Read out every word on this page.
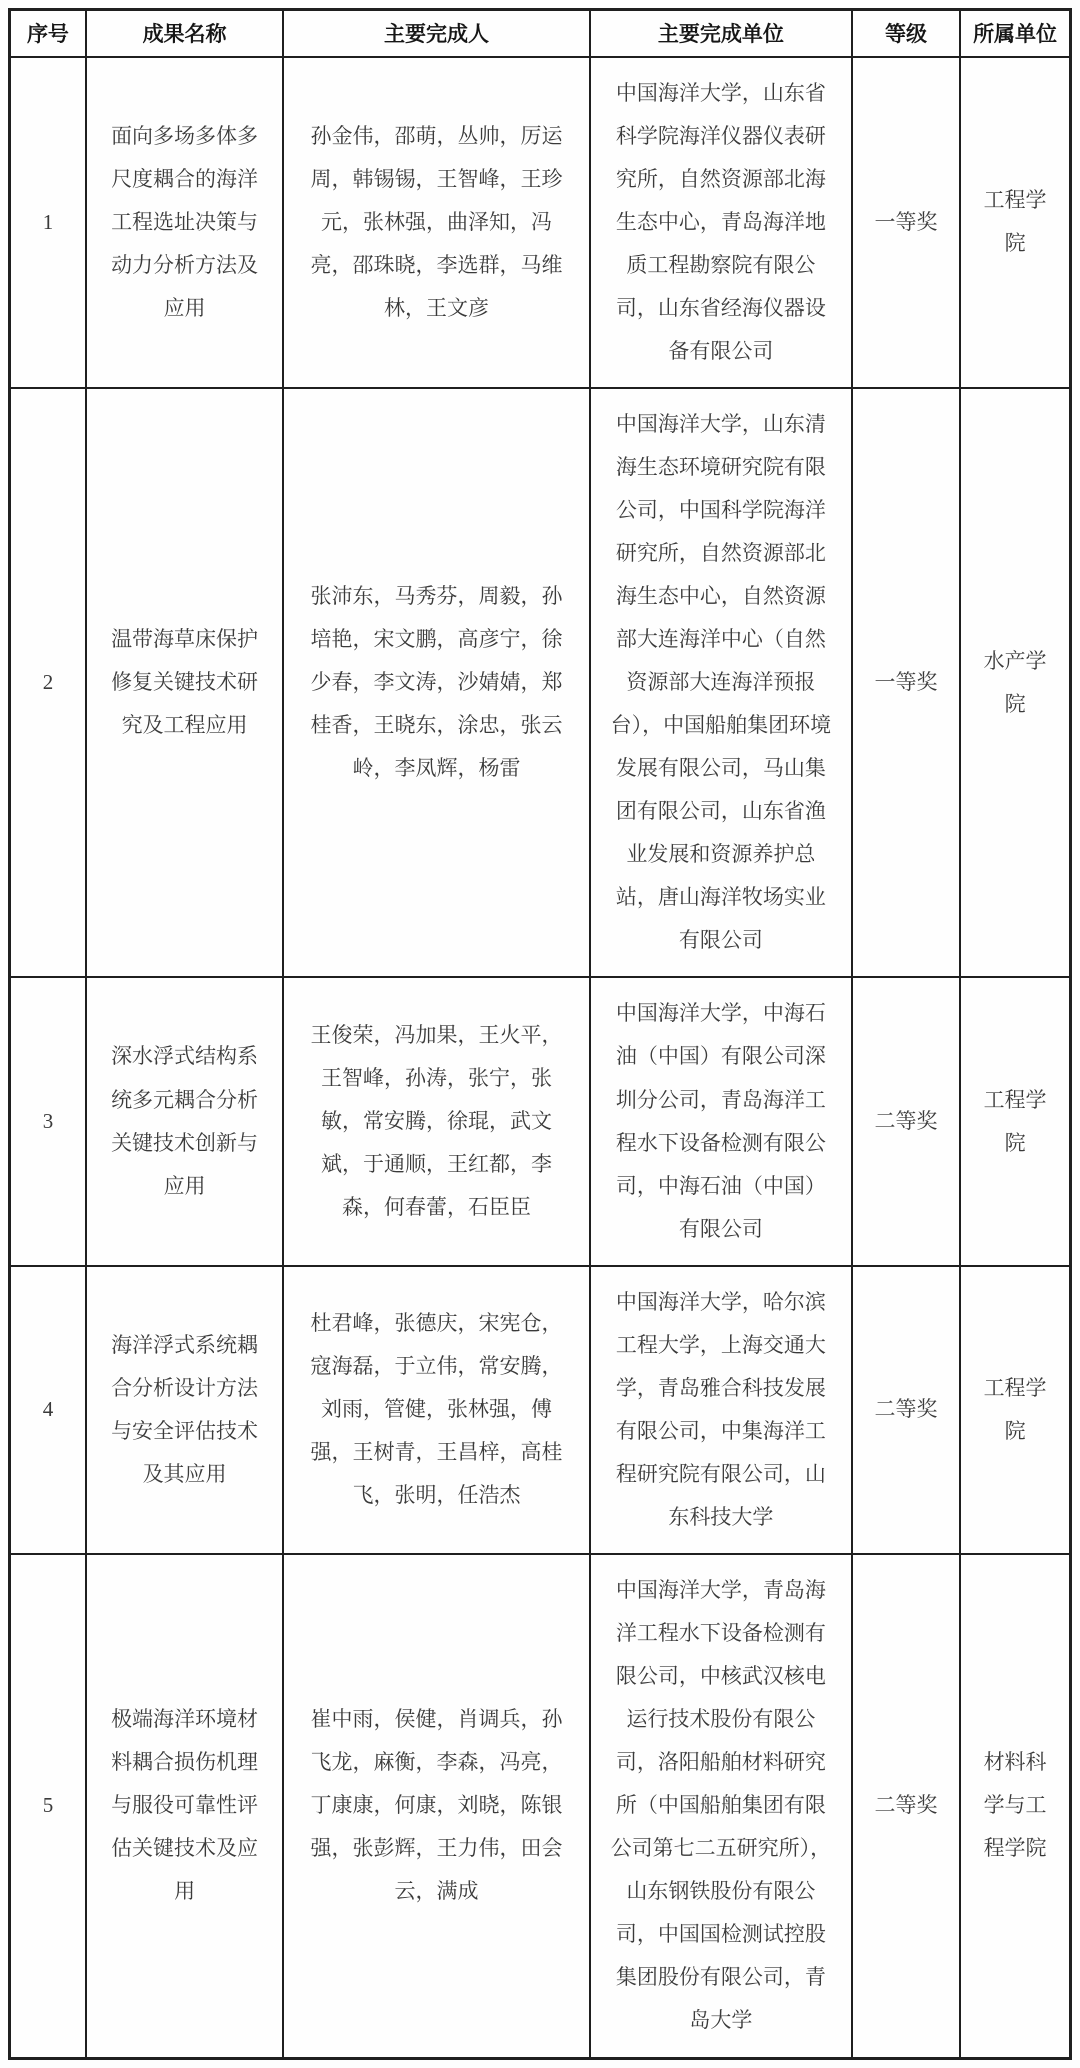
序号	成果名称	主要完成人	主要完成单位	等级	所属单位
1	面向多场多体多尺度耦合的海洋工程选址决策与动力分析方法及应用	孙金伟，邵萌，丛帅，厉运周，韩锡锡，王智峰，王珍元，张林强，曲泽知，冯亮，邵珠晓，李选群，马维林，王文彦	中国海洋大学，山东省科学院海洋仪器仪表研究所，自然资源部北海生态中心，青岛海洋地质工程勘察院有限公司，山东省经海仪器设备有限公司	一等奖	工程学院
2	温带海草床保护修复关键技术研究及工程应用	张沛东，马秀芬，周毅，孙培艳，宋文鹏，高彦宁，徐少春，李文涛，沙婧婧，郑桂香，王晓东，涂忠，张云岭，李凤辉，杨雷	中国海洋大学，山东清海生态环境研究院有限公司，中国科学院海洋研究所，自然资源部北海生态中心，自然资源部大连海洋中心（自然资源部大连海洋预报台），中国船舶集团环境发展有限公司，马山集团有限公司，山东省渔业发展和资源养护总站，唐山海洋牧场实业有限公司	一等奖	水产学院
3	深水浮式结构系统多元耦合分析关键技术创新与应用	王俊荣，冯加果，王火平，王智峰，孙涛，张宁，张敏，常安腾，徐琨，武文斌，于通顺，王红都，李森，何春蕾，石臣臣	中国海洋大学，中海石油（中国）有限公司深圳分公司，青岛海洋工程水下设备检测有限公司，中海石油（中国）有限公司	二等奖	工程学院
4	海洋浮式系统耦合分析设计方法与安全评估技术及其应用	杜君峰，张德庆，宋宪仓，寇海磊，于立伟，常安腾，刘雨，管健，张林强，傅强，王树青，王昌梓，高桂飞，张明，任浩杰	中国海洋大学，哈尔滨工程大学，上海交通大学，青岛雅合科技发展有限公司，中集海洋工程研究院有限公司，山东科技大学	二等奖	工程学院
5	极端海洋环境材料耦合损伤机理与服役可靠性评估关键技术及应用	崔中雨，侯健，肖调兵，孙飞龙，麻衡，李森，冯亮，丁康康，何康，刘晓，陈银强，张彭辉，王力伟，田会云，满成	中国海洋大学，青岛海洋工程水下设备检测有限公司，中核武汉核电运行技术股份有限公司，洛阳船舶材料研究所（中国船舶集团有限公司第七二五研究所），山东钢铁股份有限公司，中国国检测试控股集团股份有限公司，青岛大学	二等奖	材料科学与工程学院
